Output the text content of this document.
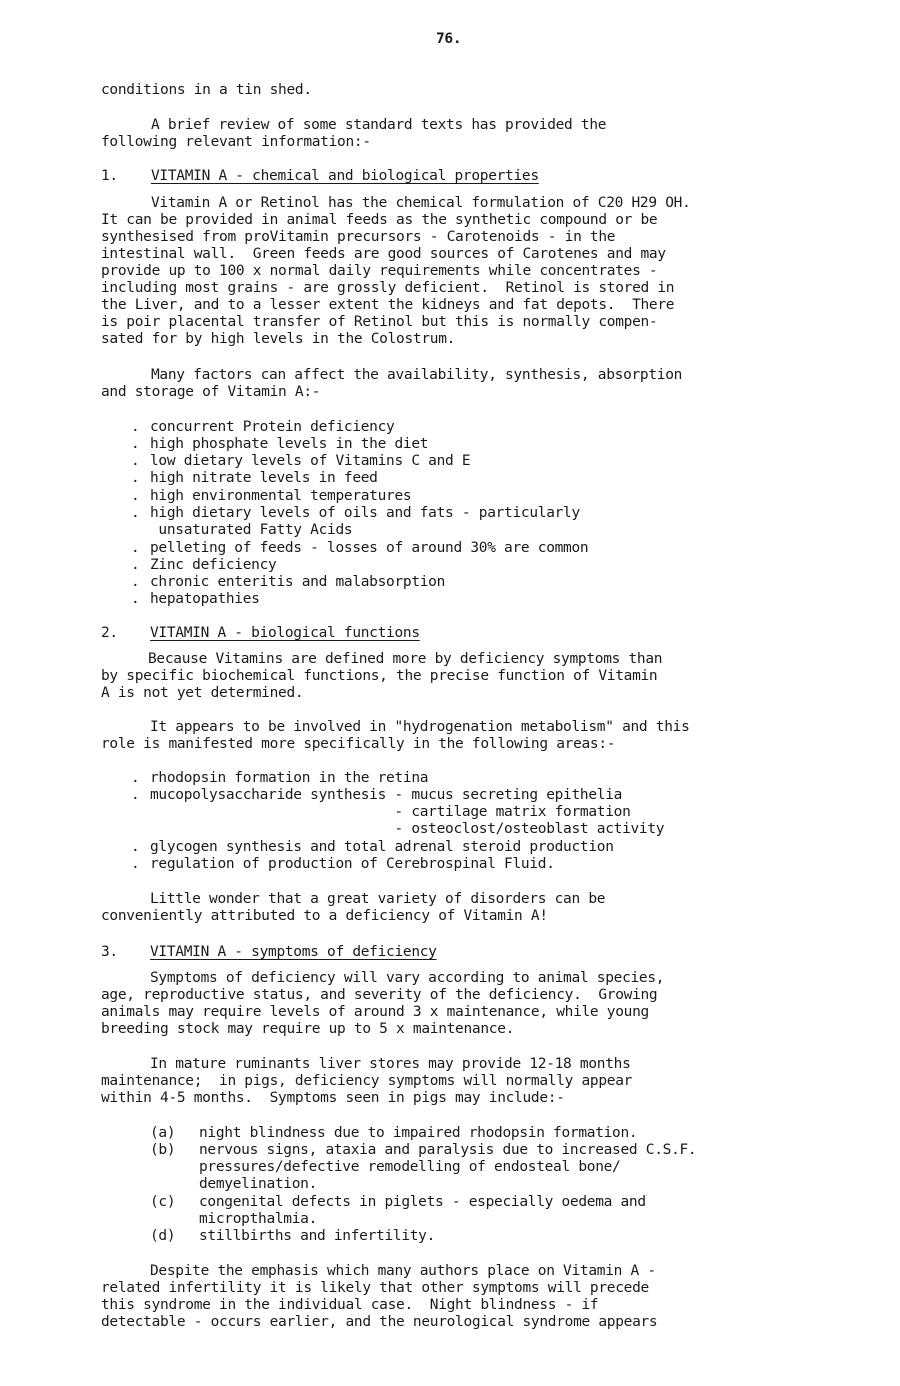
76.
conditions in a tin shed.
A brief review of some standard texts has provided the
following relevant information:-
1. VITAMIN A - chemical and biological properties
Vitamin A or Retinol has the chemical formulation of C20 H29 OH.
It can be provided in animal feeds as the synthetic compound or be
synthesised from proVitamin precursors - Carotenoids - in the
intestinal wall.  Green feeds are good sources of Carotenes and may
provide up to 100 x normal daily requirements while concentrates -
including most grains - are grossly deficient.  Retinol is stored in
the Liver, and to a lesser extent the kidneys and fat depots.  There
is poir placental transfer of Retinol but this is normally compen-
sated for by high levels in the Colostrum.
Many factors can affect the availability, synthesis, absorption
and storage of Vitamin A:-
. concurrent Protein deficiency
. high phosphate levels in the diet
. low dietary levels of Vitamins C and E
. high nitrate levels in feed
. high environmental temperatures
. high dietary levels of oils and fats - particularly
unsaturated Fatty Acids
. pelleting of feeds - losses of around 30% are common
. Zinc deficiency
. chronic enteritis and malabsorption
. hepatopathies
2. VITAMIN A - biological functions
Because Vitamins are defined more by deficiency symptoms than
by specific biochemical functions, the precise function of Vitamin
A is not yet determined.
It appears to be involved in "hydrogenation metabolism" and this
role is manifested more specifically in the following areas:-
. rhodopsin formation in the retina
. mucopolysaccharide synthesis - mucus secreting epithelia
- cartilage matrix formation
- osteoclost/osteoblast activity
. glycogen synthesis and total adrenal steroid production
. regulation of production of Cerebrospinal Fluid.
Little wonder that a great variety of disorders can be
conveniently attributed to a deficiency of Vitamin A!
3. VITAMIN A - symptoms of deficiency
Symptoms of deficiency will vary according to animal species,
age, reproductive status, and severity of the deficiency.  Growing
animals may require levels of around 3 x maintenance, while young
breeding stock may require up to 5 x maintenance.
In mature ruminants liver stores may provide 12-18 months
maintenance;  in pigs, deficiency symptoms will normally appear
within 4-5 months.  Symptoms seen in pigs may include:-
(a) night blindness due to impaired rhodopsin formation.
(b) nervous signs, ataxia and paralysis due to increased C.S.F.
pressures/defective remodelling of endosteal bone/
demyelination.
(c) congenital defects in piglets - especially oedema and
micropthalmia.
(d) stillbirths and infertility.
Despite the emphasis which many authors place on Vitamin A -
related infertility it is likely that other symptoms will precede
this syndrome in the individual case.  Night blindness - if
detectable - occurs earlier, and the neurological syndrome appears
